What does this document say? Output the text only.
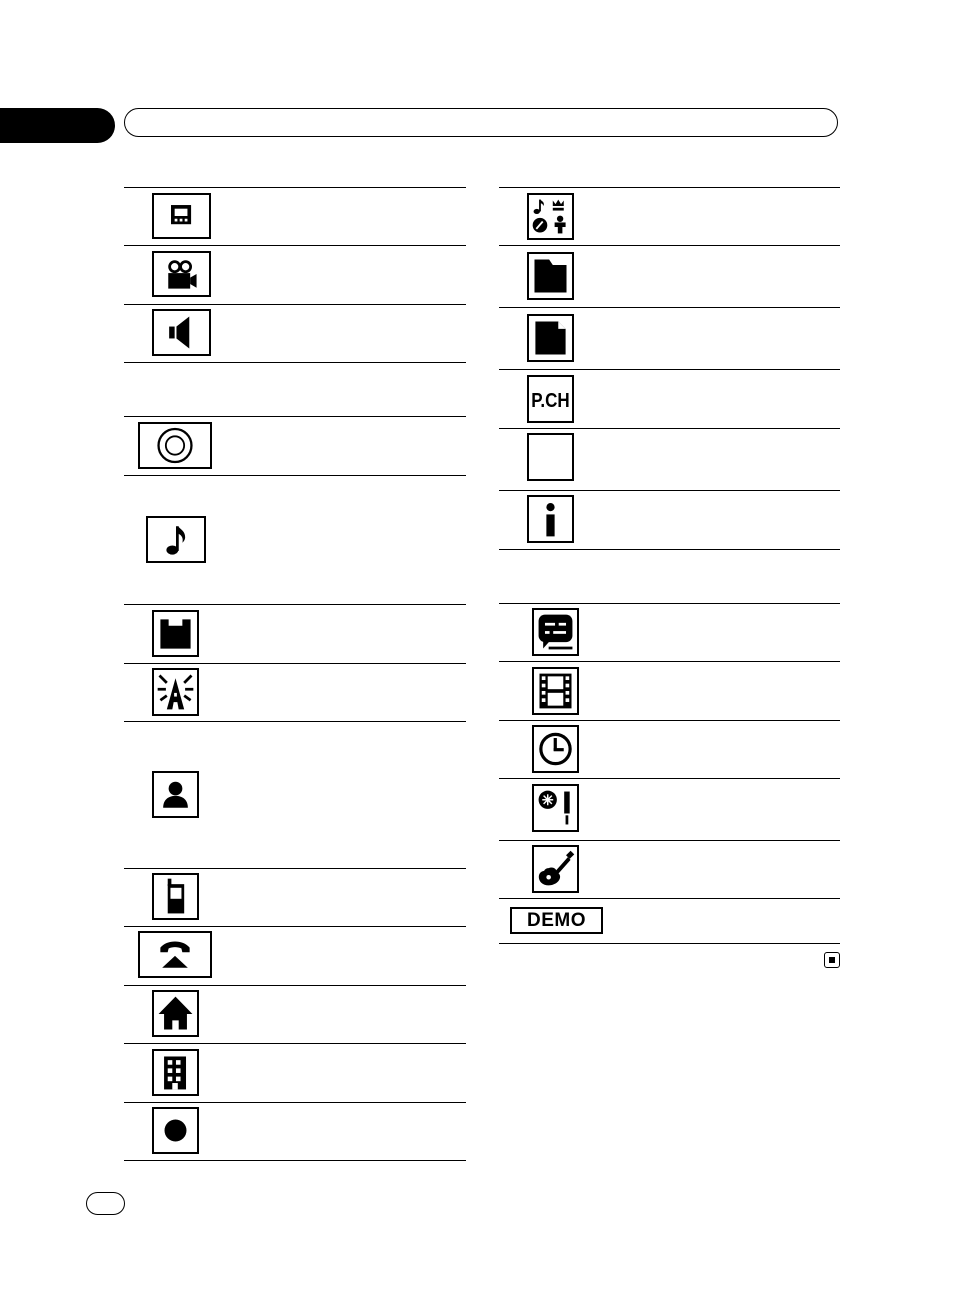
P.CH
DEMO
